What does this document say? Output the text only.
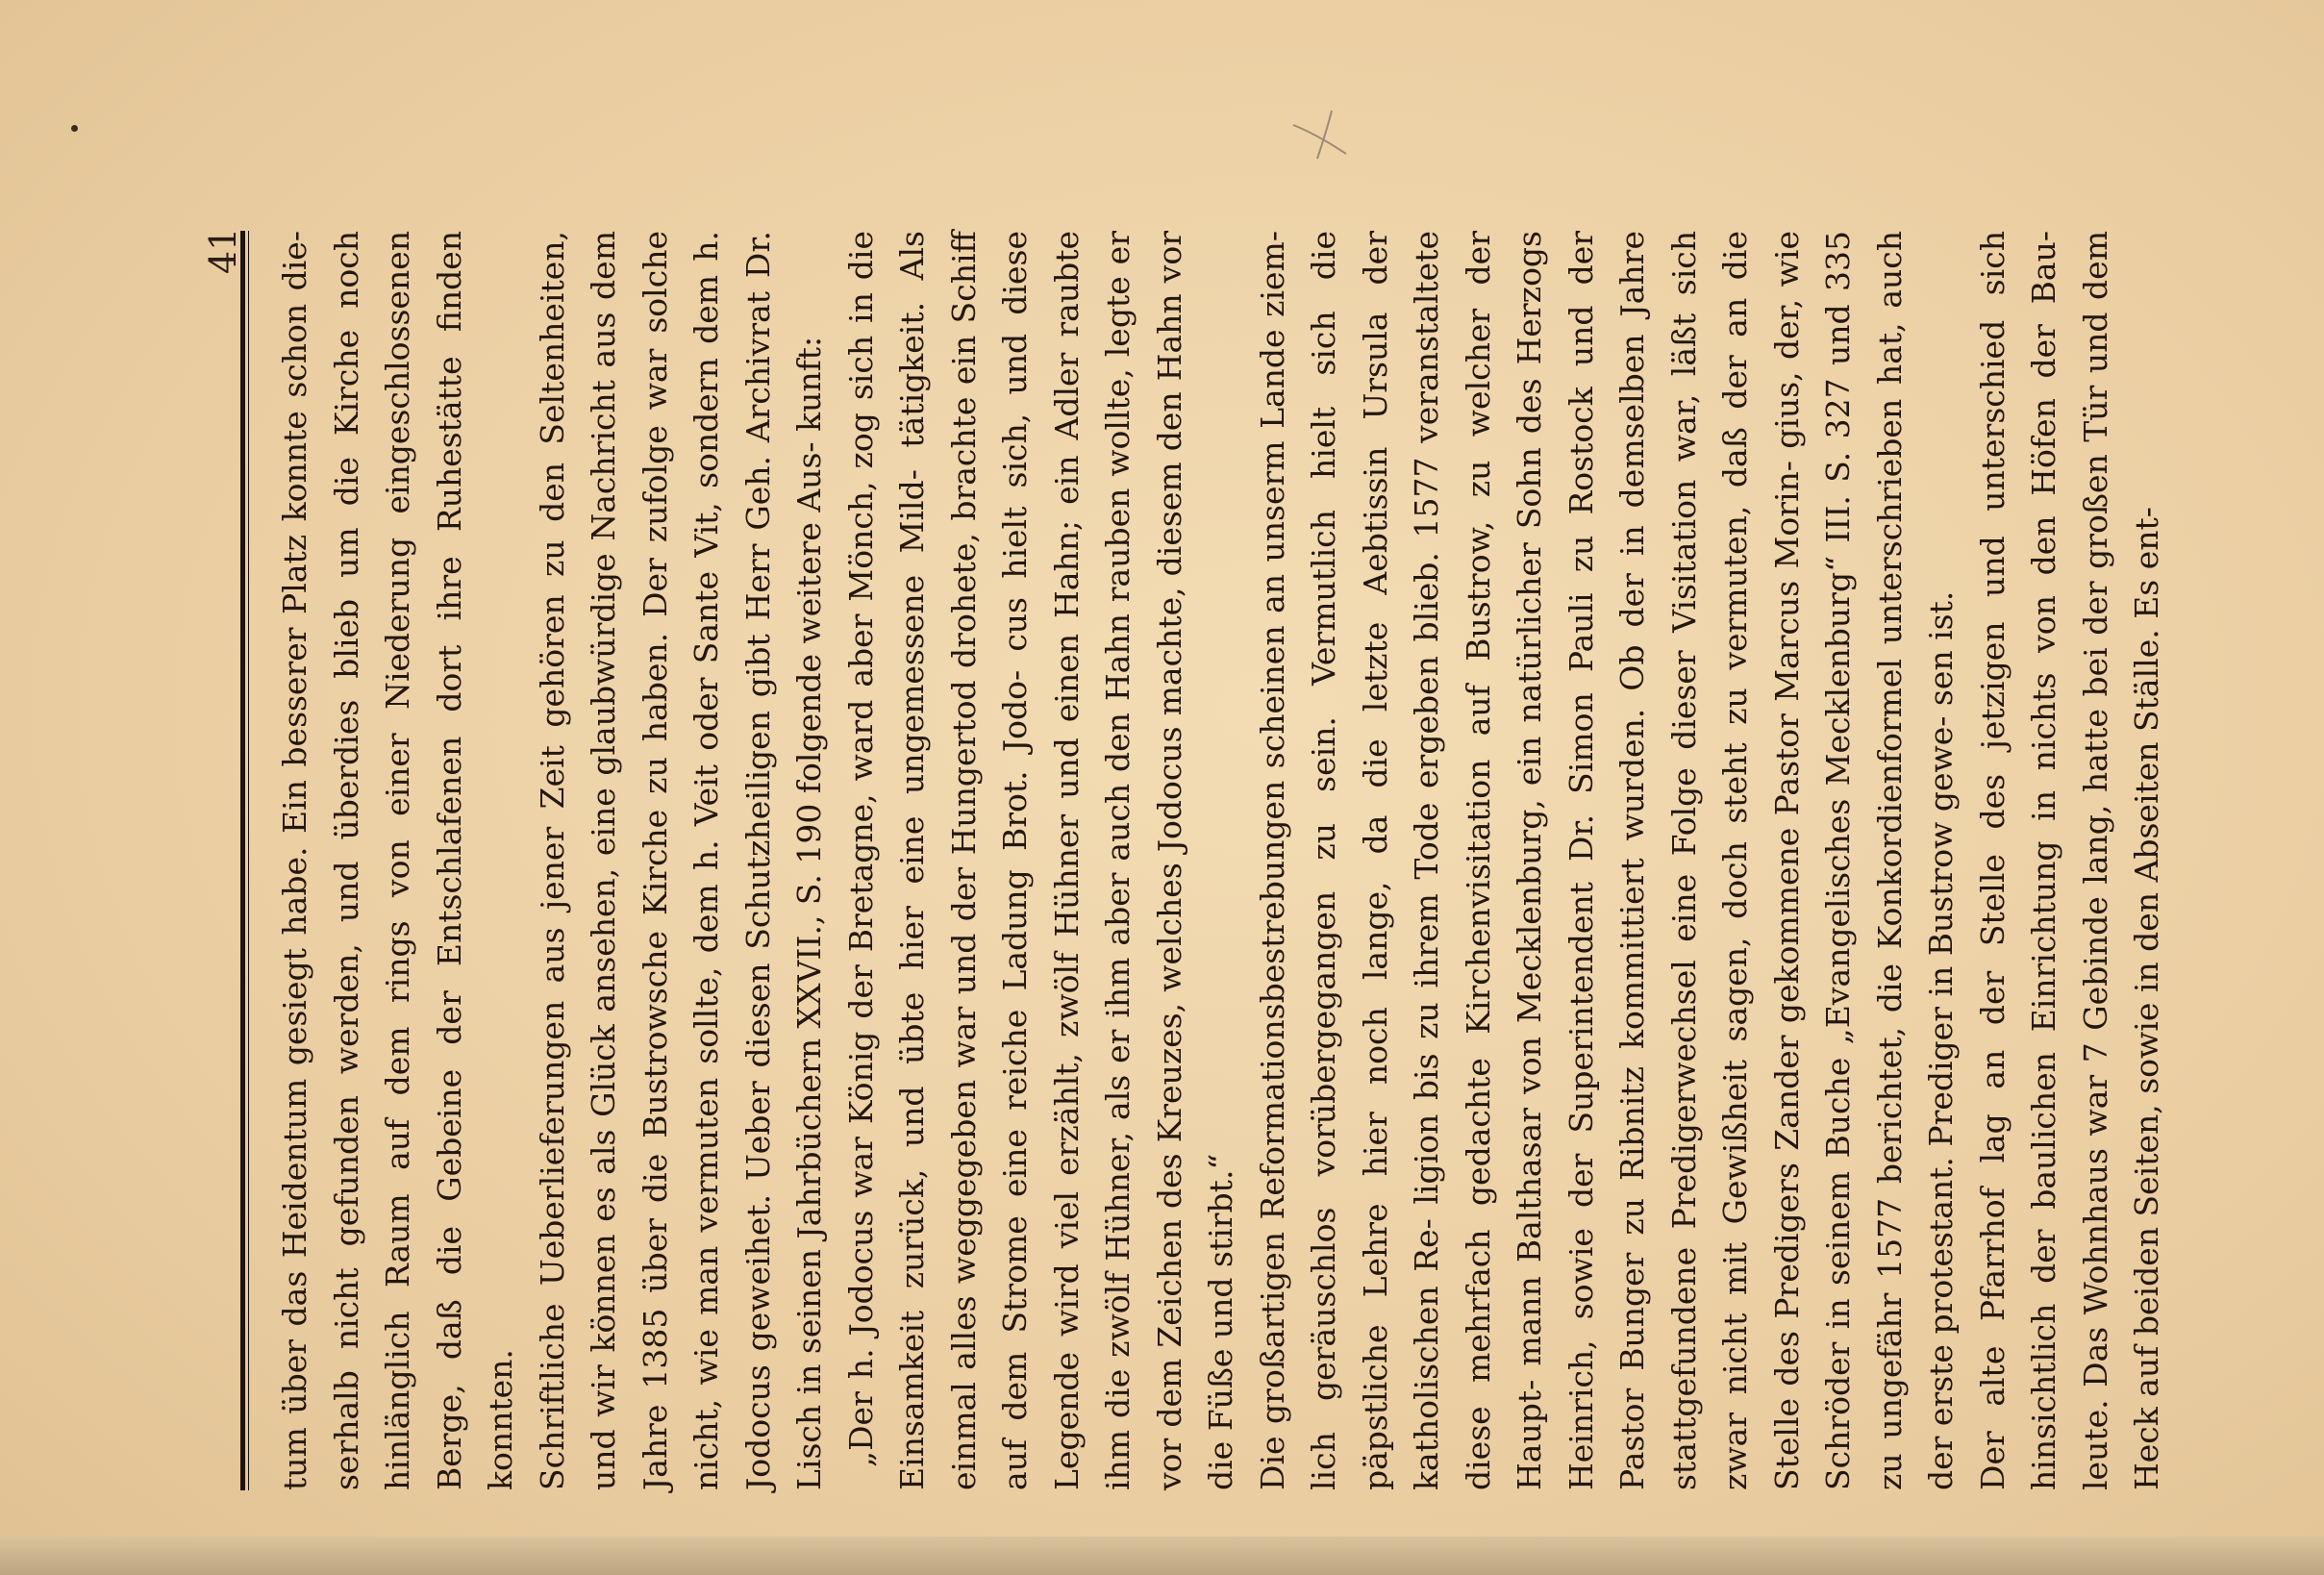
41 tum über das Heidentum gesiegt habe. Ein besserer Platz konnte schon die- serhalb nicht gefunden werden, und überdies blieb um die Kirche noch hinlänglich Raum auf dem rings von einer Niederung eingeschlossenen Berge, daß die Gebeine der Entschlafenen dort ihre Ruhestätte finden konnten. Schriftliche Ueberlieferungen aus jener Zeit gehören zu den Seltenheiten, und wir können es als Glück ansehen, eine glaubwürdige Nachricht aus dem Jahre 1385 über die Bustrowsche Kirche zu haben. Der zufolge war solche nicht, wie man vermuten sollte, dem h. Veit oder Sante Vit, sondern dem h. Jodocus geweihet. Ueber diesen Schutzheiligen gibt Herr Geh. Archivrat Dr. Lisch in seinen Jahrbüchern XXVII., S. 190 folgende weitere Aus- kunft: „Der h. Jodocus war König der Bretagne, ward aber Mönch, zog sich in die Einsamkeit zurück, und übte hier eine ungemessene Mild- tätigkeit. Als einmal alles weggegeben war und der Hungertod drohete, brachte ein Schiff auf dem Strome eine reiche Ladung Brot. Jodo- cus hielt sich, und diese Legende wird viel erzählt, zwölf Hühner und einen Hahn; ein Adler raubte ihm die zwölf Hühner, als er ihm aber auch den Hahn rauben wollte, legte er vor dem Zeichen des Kreuzes, welches Jodocus machte, diesem den Hahn vor die Füße und stirbt.“ Die großartigen Reformationsbestrebungen scheinen an unserm Lande ziem- lich geräuschlos vorübergegangen zu sein. Vermutlich hielt sich die päpstliche Lehre hier noch lange, da die letzte Aebtissin Ursula der katholischen Re- ligion bis zu ihrem Tode ergeben blieb. 1577 veranstaltete diese mehrfach gedachte Kirchenvisitation auf Bustrow, zu welcher der Haupt- mann Balthasar von Mecklenburg, ein natürlicher Sohn des Herzogs Heinrich, sowie der Superintendent Dr. Simon Pauli zu Rostock und der Pastor Bunger zu Ribnitz kommittiert wurden. Ob der in demselben Jahre stattgefundene Predigerwechsel eine Folge dieser Visitation war, läßt sich zwar nicht mit Gewißheit sagen, doch steht zu vermuten, daß der an die Stelle des Predigers Zander gekommene Pastor Marcus Morin- gius, der, wie Schröder in seinem Buche „Evangelisches Mecklenburg“ III. S. 327 und 335 zu ungefähr 1577 berichtet, die Konkordienformel unterschrieben hat, auch der erste protestant. Prediger in Bustrow gewe- sen ist. Der alte Pfarrhof lag an der Stelle des jetzigen und unterschied sich hinsichtlich der baulichen Einrichtung in nichts von den Höfen der Bau- leute. Das Wohnhaus war 7 Gebinde lang, hatte bei der großen Tür und dem Heck auf beiden Seiten, sowie in den Abseiten Ställe. Es ent-
